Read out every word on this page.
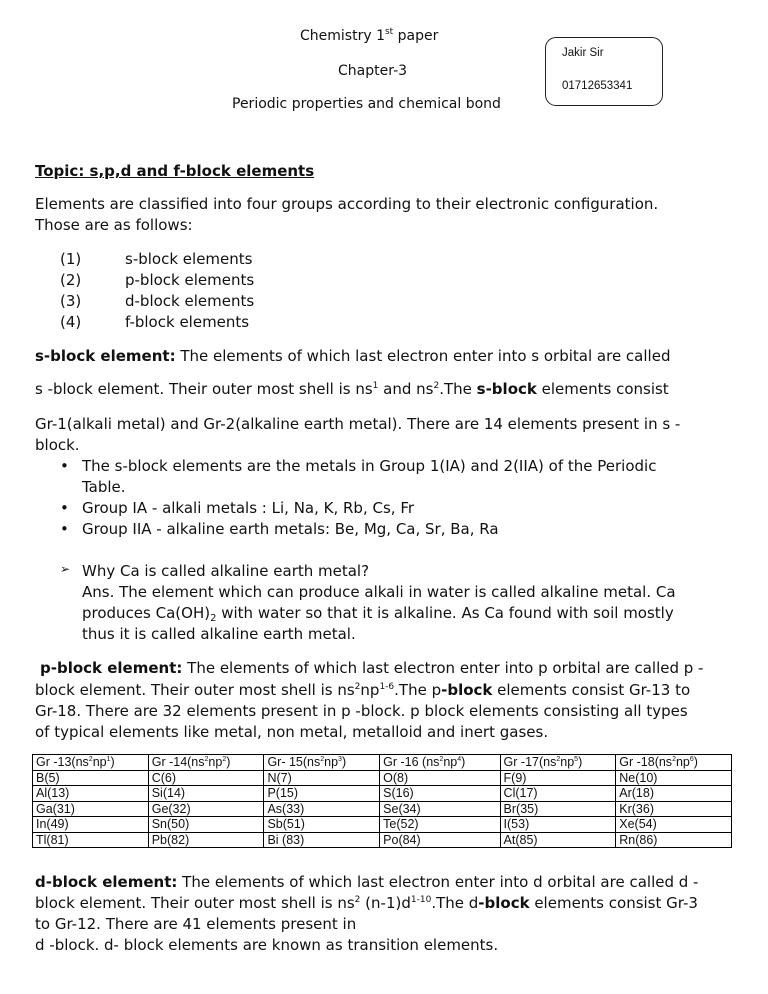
Chemistry 1st paper
Chapter-3
Periodic properties and chemical bond
Jakir Sir
01712653341
Topic: s,p,d and f-block elements
Elements are classified into four groups according to their electronic configuration.
Those are as follows:
(1)	s-block elements
(2)	p-block elements
(3)	d-block elements
(4)	f-block elements
s-block element: The elements of which last electron enter into s orbital are called
s -block element. Their outer most shell is $ns^1$ and $ns^2.The$ s-block elements consist
Gr-1(alkali metal) and Gr-2(alkaline earth metal). There are 14 elements present in s -
block.
• The s-block elements are the metals in Group 1(IA) and 2(IIA) of the Periodic
Table.
• Group IA - alkali metals : Li, Na, K, Rb, Cs, Fr
• Group IIA - alkaline earth metals: Be, Mg, Ca, Sr, Ba, Ra
➢ Why Ca is called alkaline earth metal?
Ans. The element which can produce alkali in water is called alkaline metal. Ca
produces $Ca(OH)_2$ with water so that it is alkaline. As Ca found with soil mostly
thus it is called alkaline earth metal.
p-block element: The elements of which last electron enter into p orbital are called p -
block element. Their outer most shell is $ns^2np^{1-6}.The$ p-block elements consist Gr-13 to
Gr-18. There are 32 elements present in p -block. p block elements consisting all types
of typical elements like metal, non metal, metalloid and inert gases.
Gr $-13(ns^2np^1)$	Gr $-14(ns^2np^2)$	Gr- $15(ns^2np^3)$	Gr -16 $(ns^2np^4)$	Gr $-17(ns^2np^5)$	Gr $-18(ns^2np^6)$
B(5)	C(6)	N(7)	O(8)	F(9)	Ne(10)
Al(13)	Si(14)	P(15)	S(16)	Cl(17)	Ar(18)
Ga(31)	Ge(32)	As(33)	Se(34)	Br(35)	Kr(36)
In(49)	Sn(50)	Sb(51)	Te(52)	I(53)	Xe(54)
Tl(81)	Pb(82)	Bi (83)	Po(84)	At(85)	Rn(86)
d-block element: The elements of which last electron enter into d orbital are called d -
block element. Their outer most shell is $ns^2$ $(n-1)d^{1-10}.The$ d-block elements consist Gr-3
to Gr-12. There are 41 elements present in
d -block. d- block elements are known as transition elements.
